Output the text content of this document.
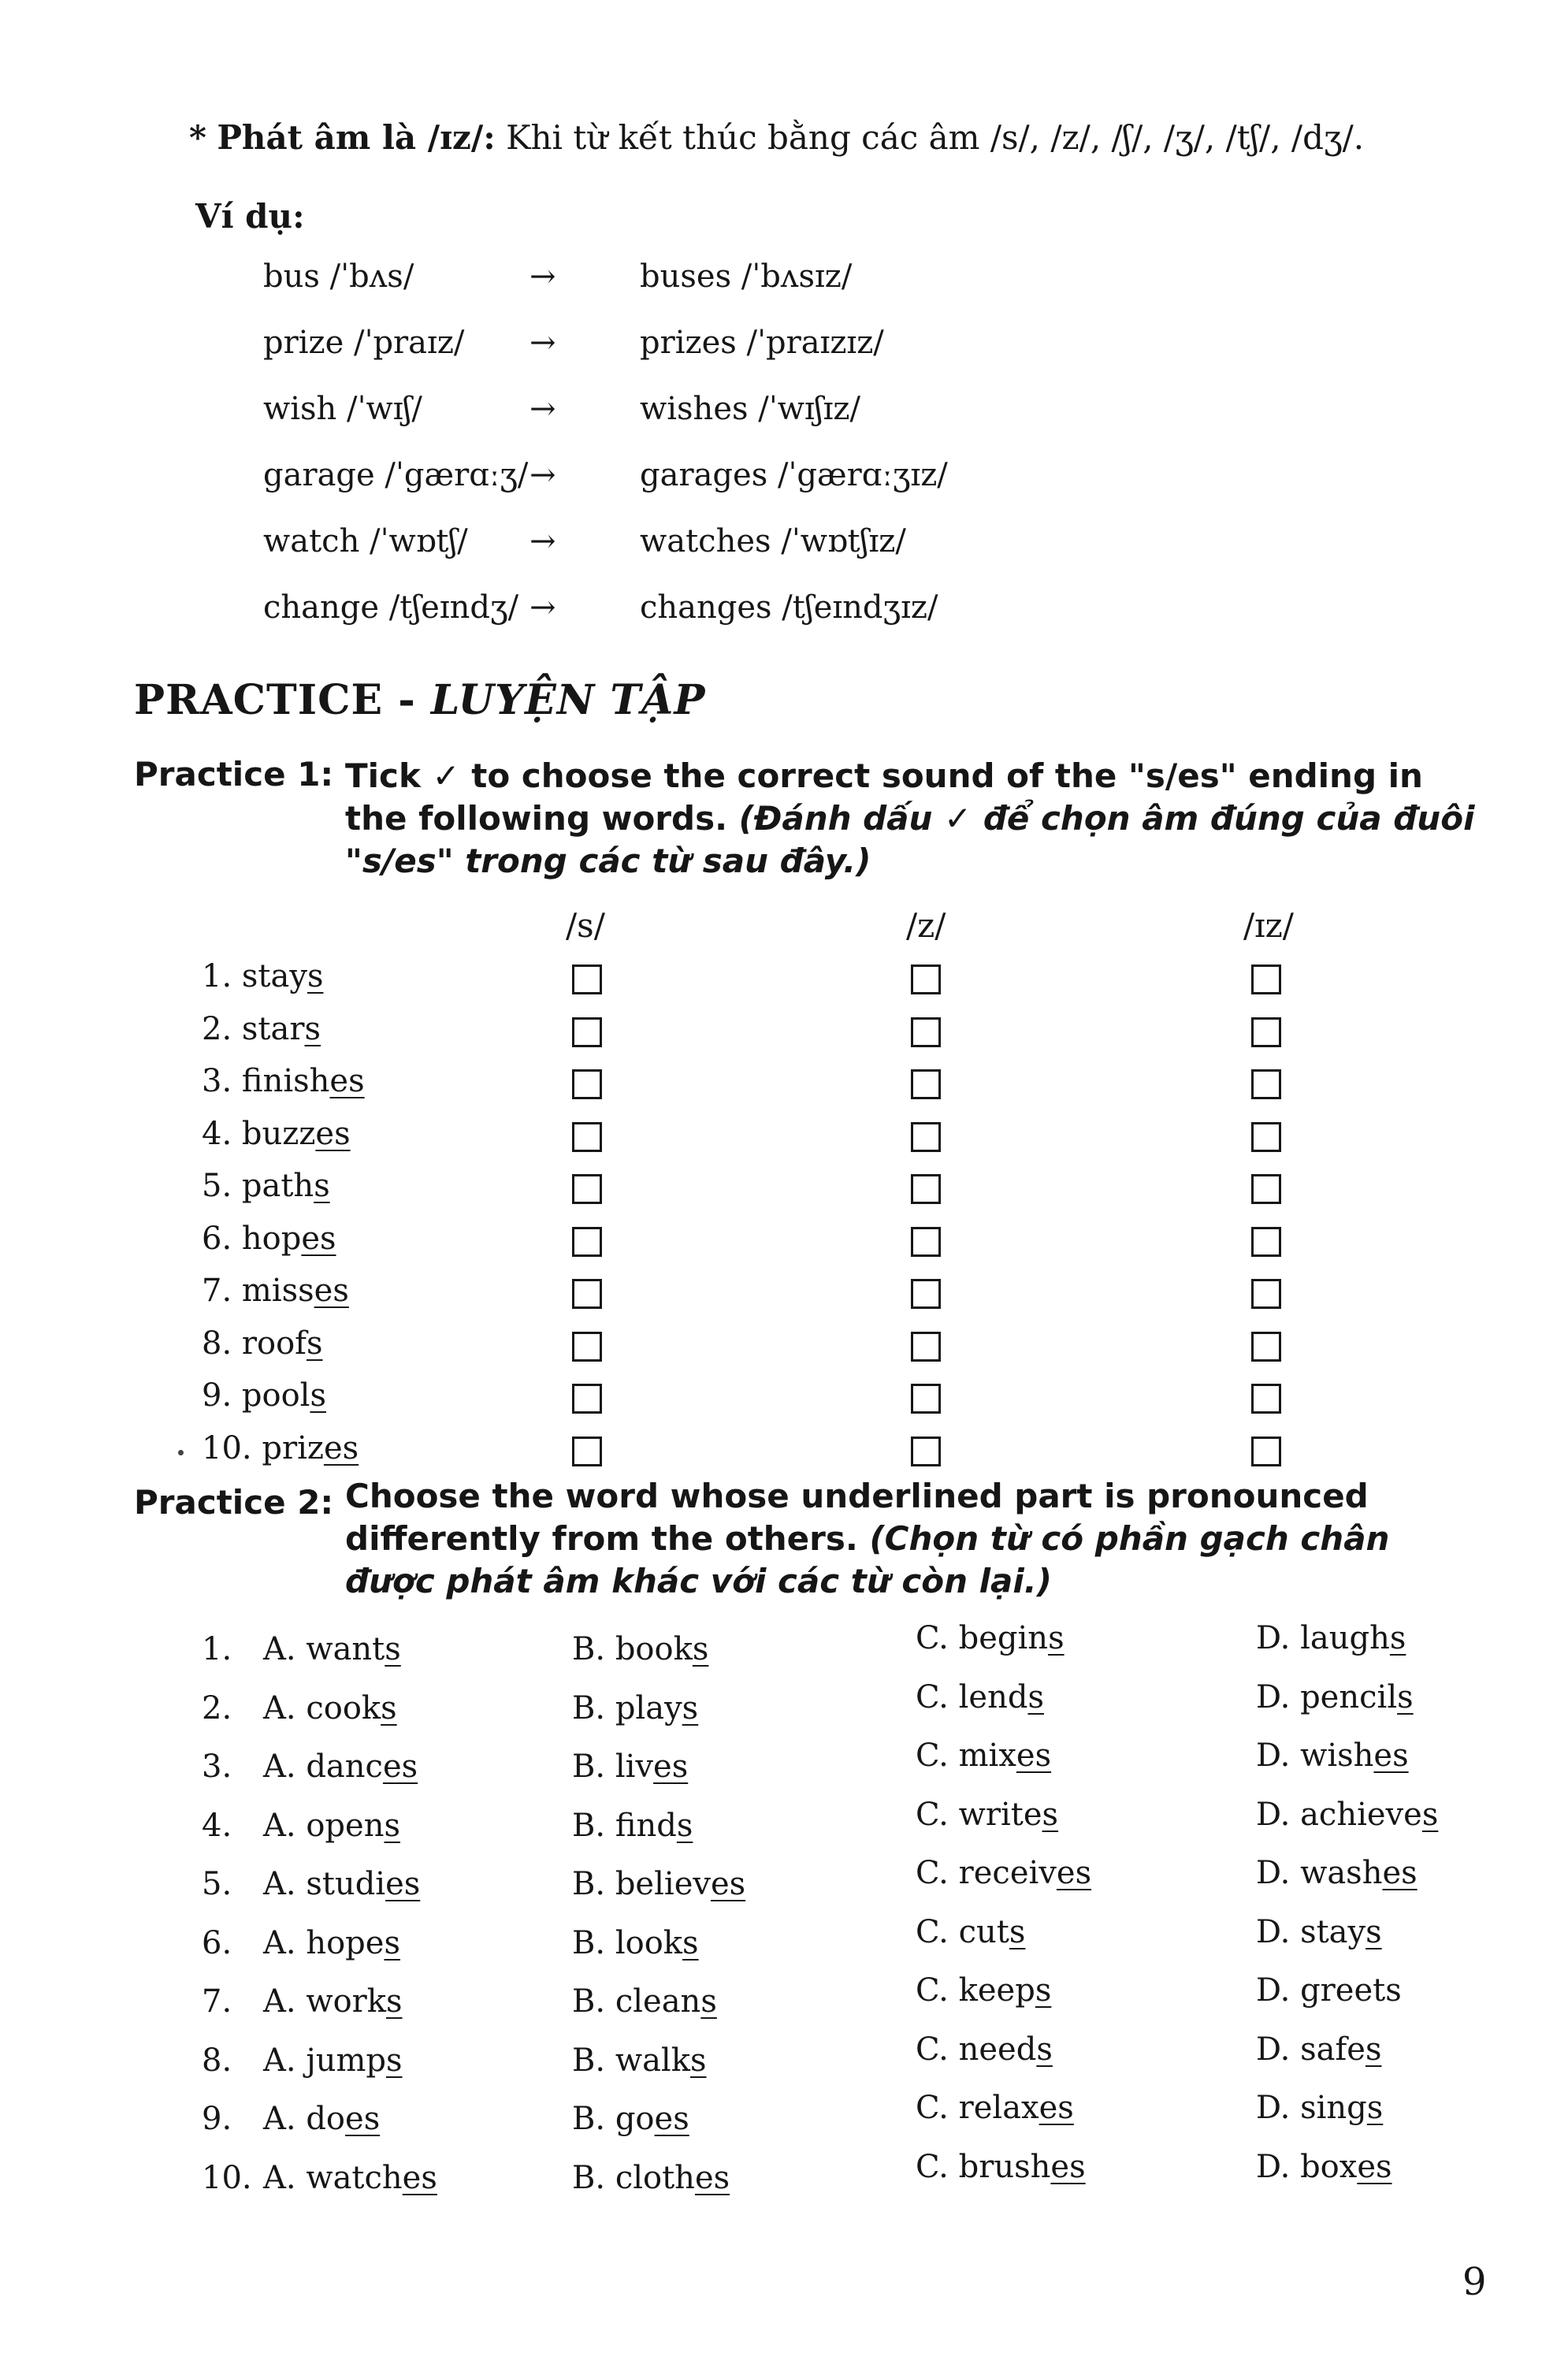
* Phát âm là /ɪz/: Khi từ kết thúc bằng các âm /s/, /z/, /ʃ/, /ʒ/, /tʃ/, /dʒ/.
Ví dụ:
bus /ˈbʌs/	→	buses /ˈbʌsɪz/
prize /ˈpraɪz/ →	prizes /ˈpraɪzɪz/
wish /ˈwɪʃ/	→	wishes /ˈwɪʃɪz/
garage /ˈgærɑːʒ/ →	garages /ˈgærɑːʒɪz/
watch /ˈwɒtʃ/ →	watches /ˈwɒtʃɪz/
change /tʃeɪndʒ/ →	changes /tʃeɪndʒɪz/
PRACTICE - LUYỆN TẬP
Practice 1: Tick ✓ to choose the correct sound of the "s/es" ending in the following words. (Đánh dấu ✓ để chọn âm đúng của đuôi "s/es" trong các từ sau đây.)
/s/	/z/	/ɪz/
1. stays
2. stars
3. finishes
4. buzzes
5. paths
6. hopes
7. misses
8. roofs
9. pools
10. prizes
Practice 2: Choose the word whose underlined part is pronounced differently from the others. (Chọn từ có phần gạch chân được phát âm khác với các từ còn lại.)
1. A. wants	B. books	C. begins	D. laughs
2. A. cooks	B. plays	C. lends	D. pencils
3. A. dances	B. lives	C. mixes	D. wishes
4. A. opens	B. finds	C. writes	D. achieves
5. A. studies	B. believes	C. receives	D. washes
6. A. hopes	B. looks	C. cuts	D. stays
7. A. works	B. cleans	C. keeps	D. greets
8. A. jumps	B. walks	C. needs	D. safes
9. A. does	B. goes	C. relaxes	D. sings
10. A. watches	B. clothes	C. brushes	D. boxes
9
